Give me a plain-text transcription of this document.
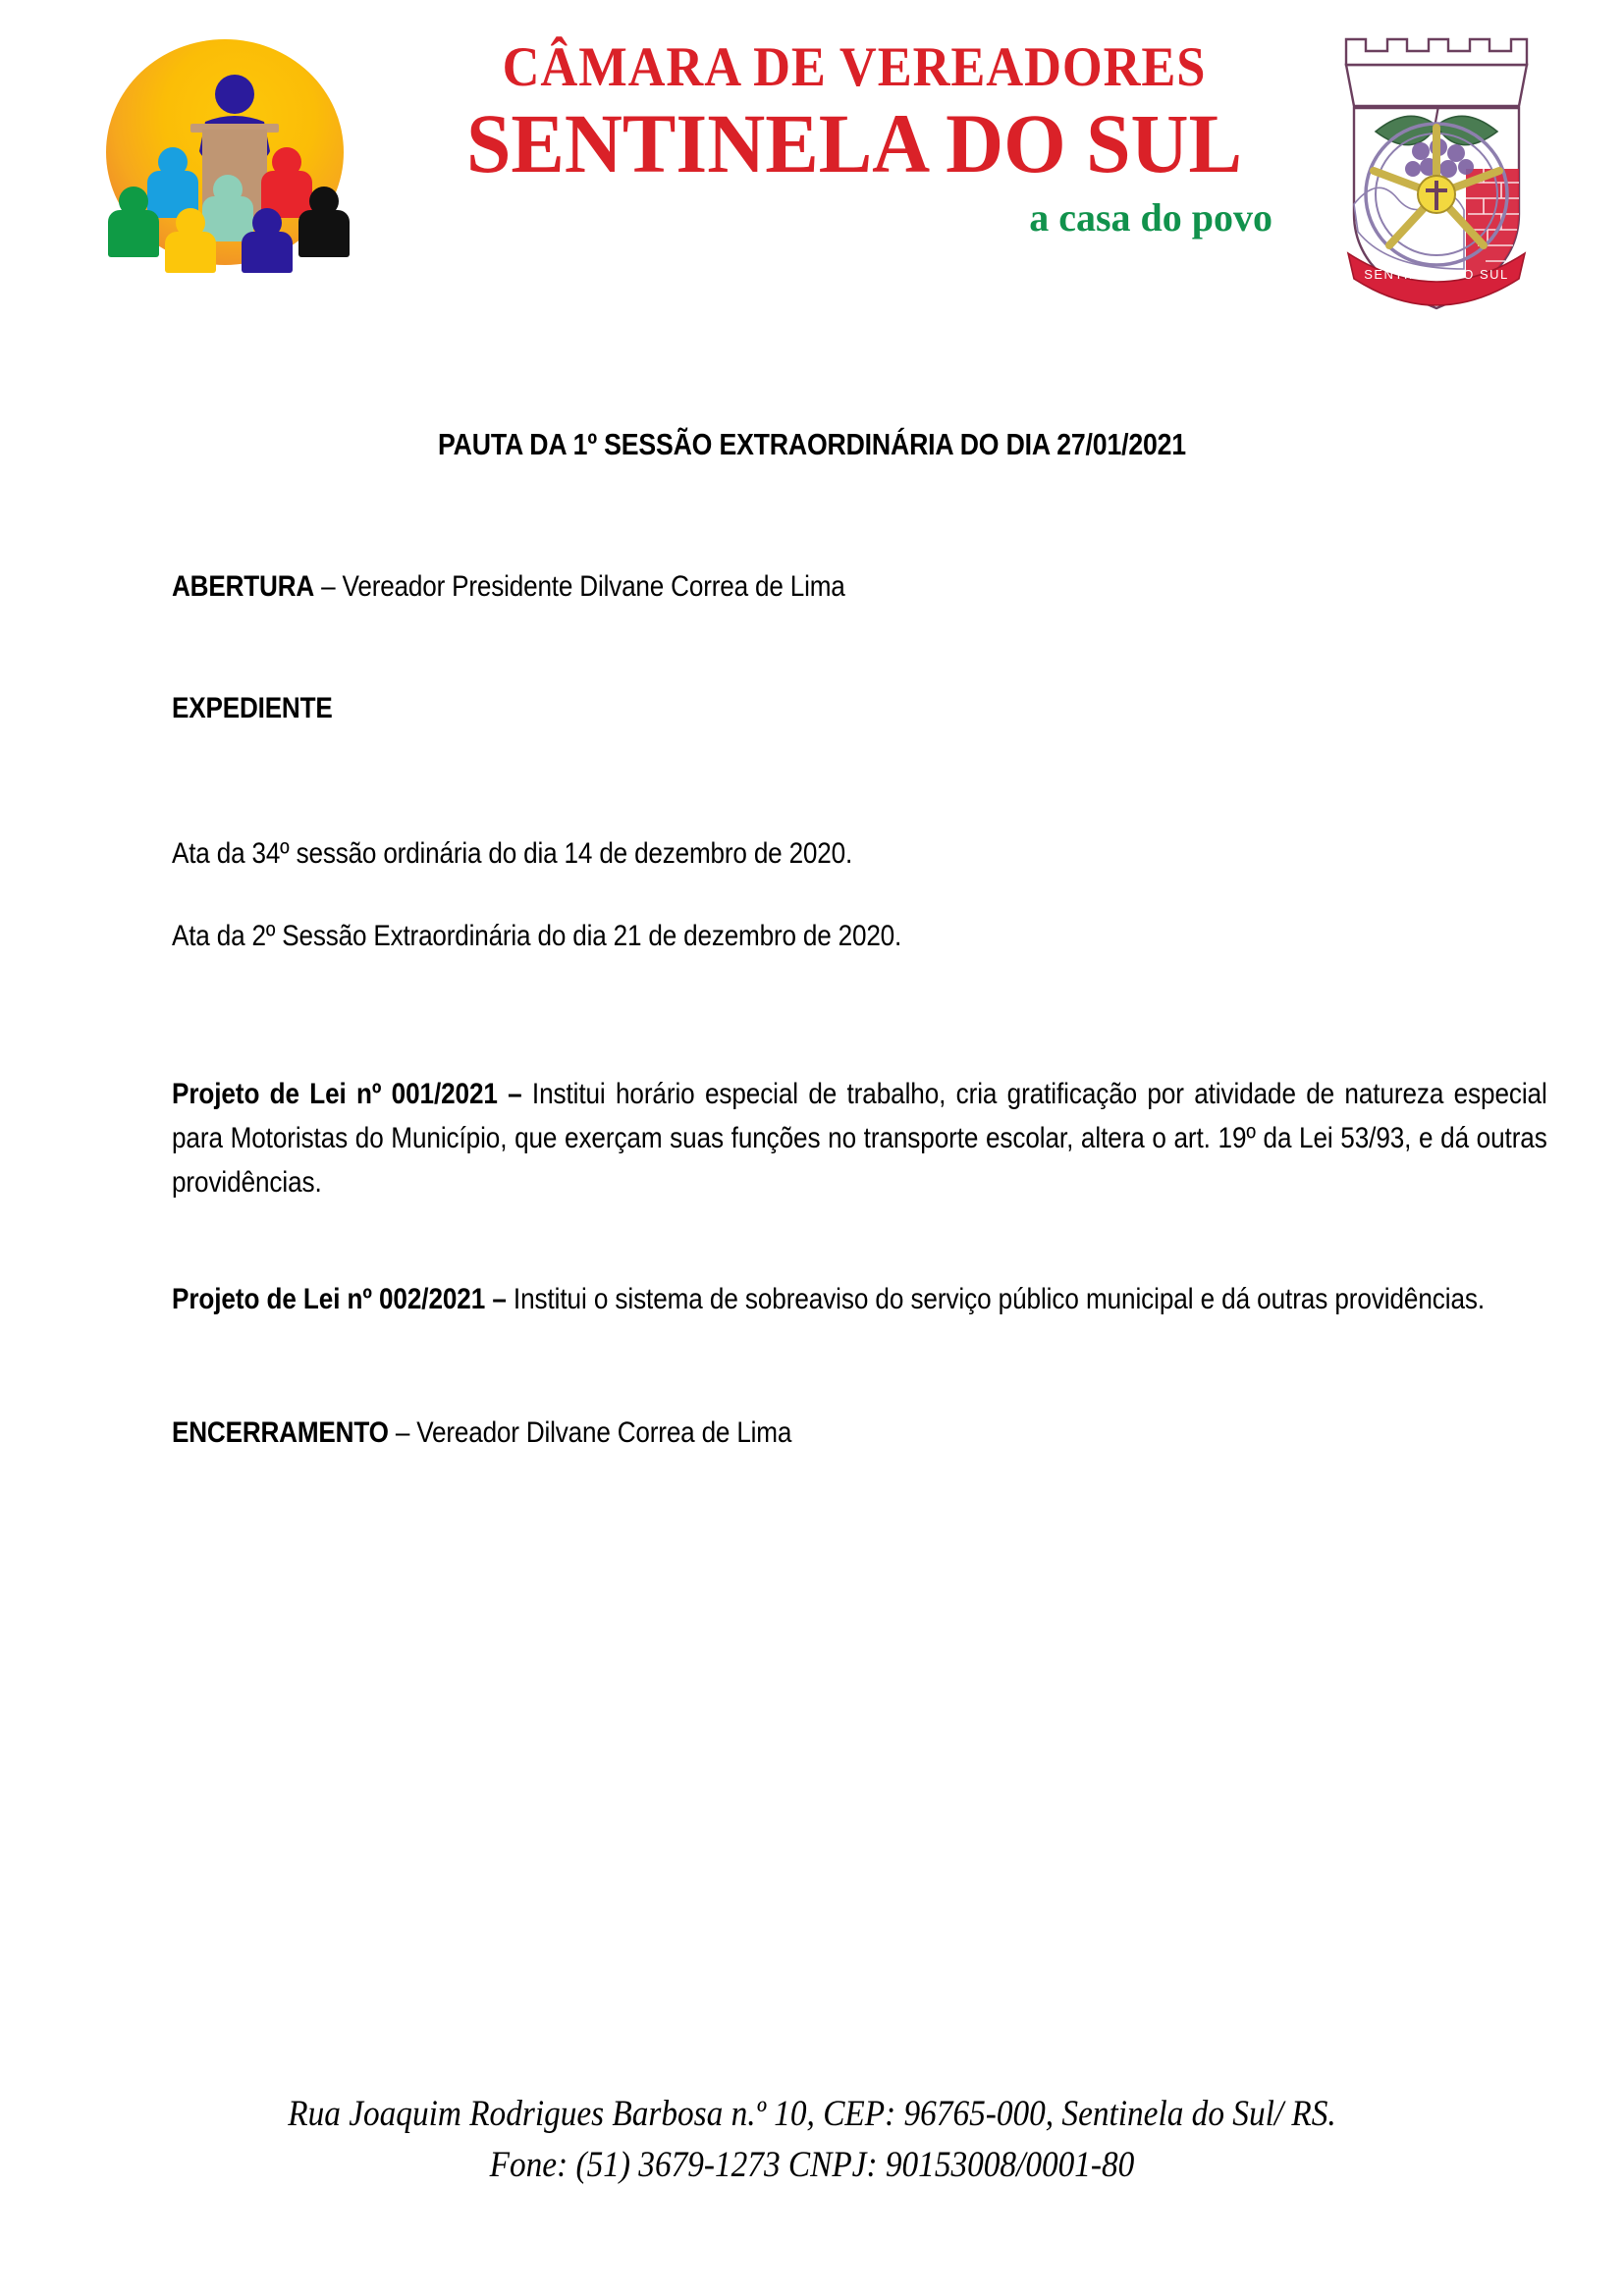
CÂMARA DE VEREADORES
SENTINELA DO SUL
a casa do povo
SENTINELA DO SUL
PAUTA DA 1º SESSÃO EXTRAORDINÁRIA DO DIA 27/01/2021
ABERTURA – Vereador Presidente Dilvane Correa de Lima
EXPEDIENTE
Ata da 34º sessão ordinária do dia 14 de dezembro de 2020.
Ata da 2º Sessão Extraordinária do dia 21 de dezembro de 2020.
Projeto de Lei nº 001/2021 – Institui horário especial de trabalho, cria gratificação por atividade de natureza especial para Motoristas do Município, que exerçam suas funções no transporte escolar, altera o art. 19º da Lei 53/93, e dá outras providências.
Projeto de Lei nº 002/2021 – Institui o sistema de sobreaviso do serviço público municipal e dá outras providências.
ENCERRAMENTO – Vereador Dilvane Correa de Lima
Rua Joaquim Rodrigues Barbosa n.º 10, CEP: 96765-000, Sentinela do Sul/ RS.
Fone: (51) 3679-1273 CNPJ: 90153008/0001-80
